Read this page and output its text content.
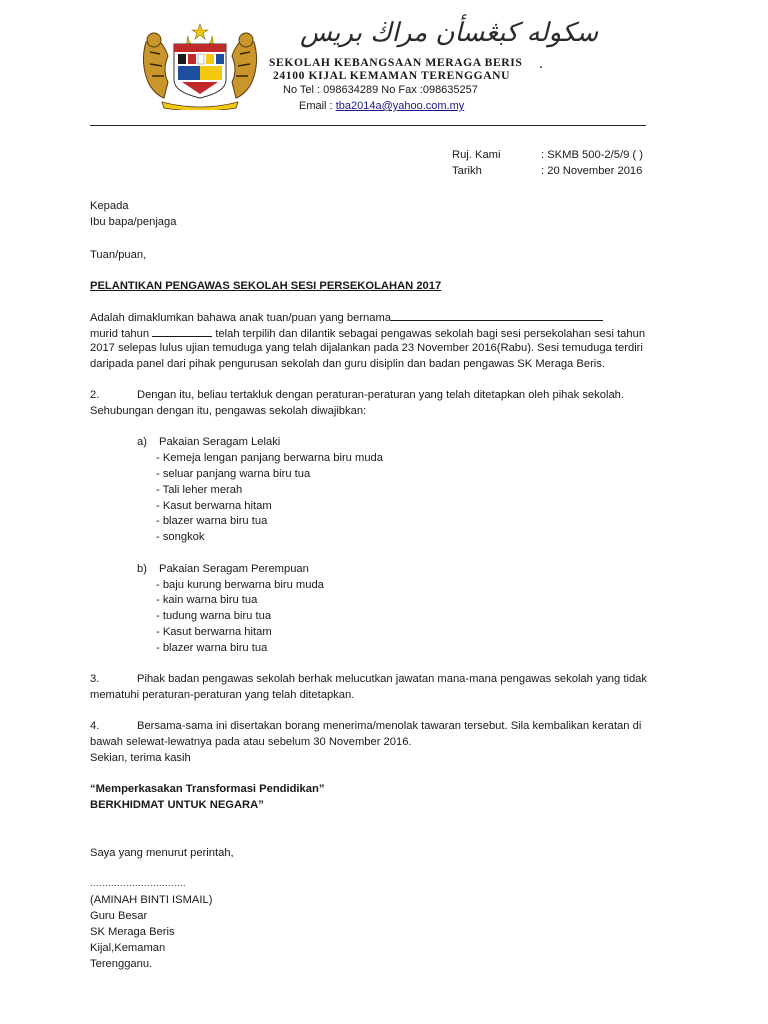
سکوله کبڠسأن مراڬ بريس
SEKOLAH KEBANGSAAN MERAGA BERIS
24100 KIJAL KEMAMAN TERENGGANU
No Tel : 098634289 No Fax :098635257
Email : tba2014a@yahoo.com.my
Ruj. Kami	: SKMB 500-2/5/9 ( )
Tarikh	: 20 November 2016
Kepada
Ibu bapa/penjaga
Tuan/puan,
PELANTIKAN PENGAWAS SEKOLAH SESI PERSEKOLAHAN 2017
Adalah dimaklumkan bahawa anak tuan/puan yang bernama
murid tahun	telah terpilih dan dilantik sebagai pengawas sekolah bagi sesi persekolahan sesi tahun
2017 selepas lulus ujian temuduga yang telah dijalankan pada 23 November 2016(Rabu). Sesi temuduga terdiri
daripada panel dari pihak pengurusan sekolah dan guru disiplin dan badan pengawas SK Meraga Beris.
2.	Dengan itu, beliau tertakluk dengan peraturan-peraturan yang telah ditetapkan oleh pihak sekolah.
Sehubungan dengan itu, pengawas sekolah diwajibkan:
a) Pakaian Seragam Lelaki
- Kemeja lengan panjang berwarna biru muda
- seluar panjang warna biru tua
- Tali leher merah
- Kasut berwarna hitam
- blazer warna biru tua
- songkok
b) Pakaian Seragam Perempuan
- baju kurung berwarna biru muda
- kain warna biru tua
- tudung warna biru tua
- Kasut berwarna hitam
- blazer warna biru tua
3.	Pihak badan pengawas sekolah berhak melucutkan jawatan mana-mana pengawas sekolah yang tidak
mematuhi peraturan-peraturan yang telah ditetapkan.
4.	Bersama-sama ini disertakan borang menerima/menolak tawaran tersebut. Sila kembalikan keratan di
bawah selewat-lewatnya pada atau sebelum 30 November 2016.
Sekian, terima kasih
“Memperkasakan Transformasi Pendidikan”
BERKHIDMAT UNTUK NEGARA”
Saya yang menurut perintah,
................................
(AMINAH BINTI ISMAIL)
Guru Besar
SK Meraga Beris
Kijal,Kemaman
Terengganu.
